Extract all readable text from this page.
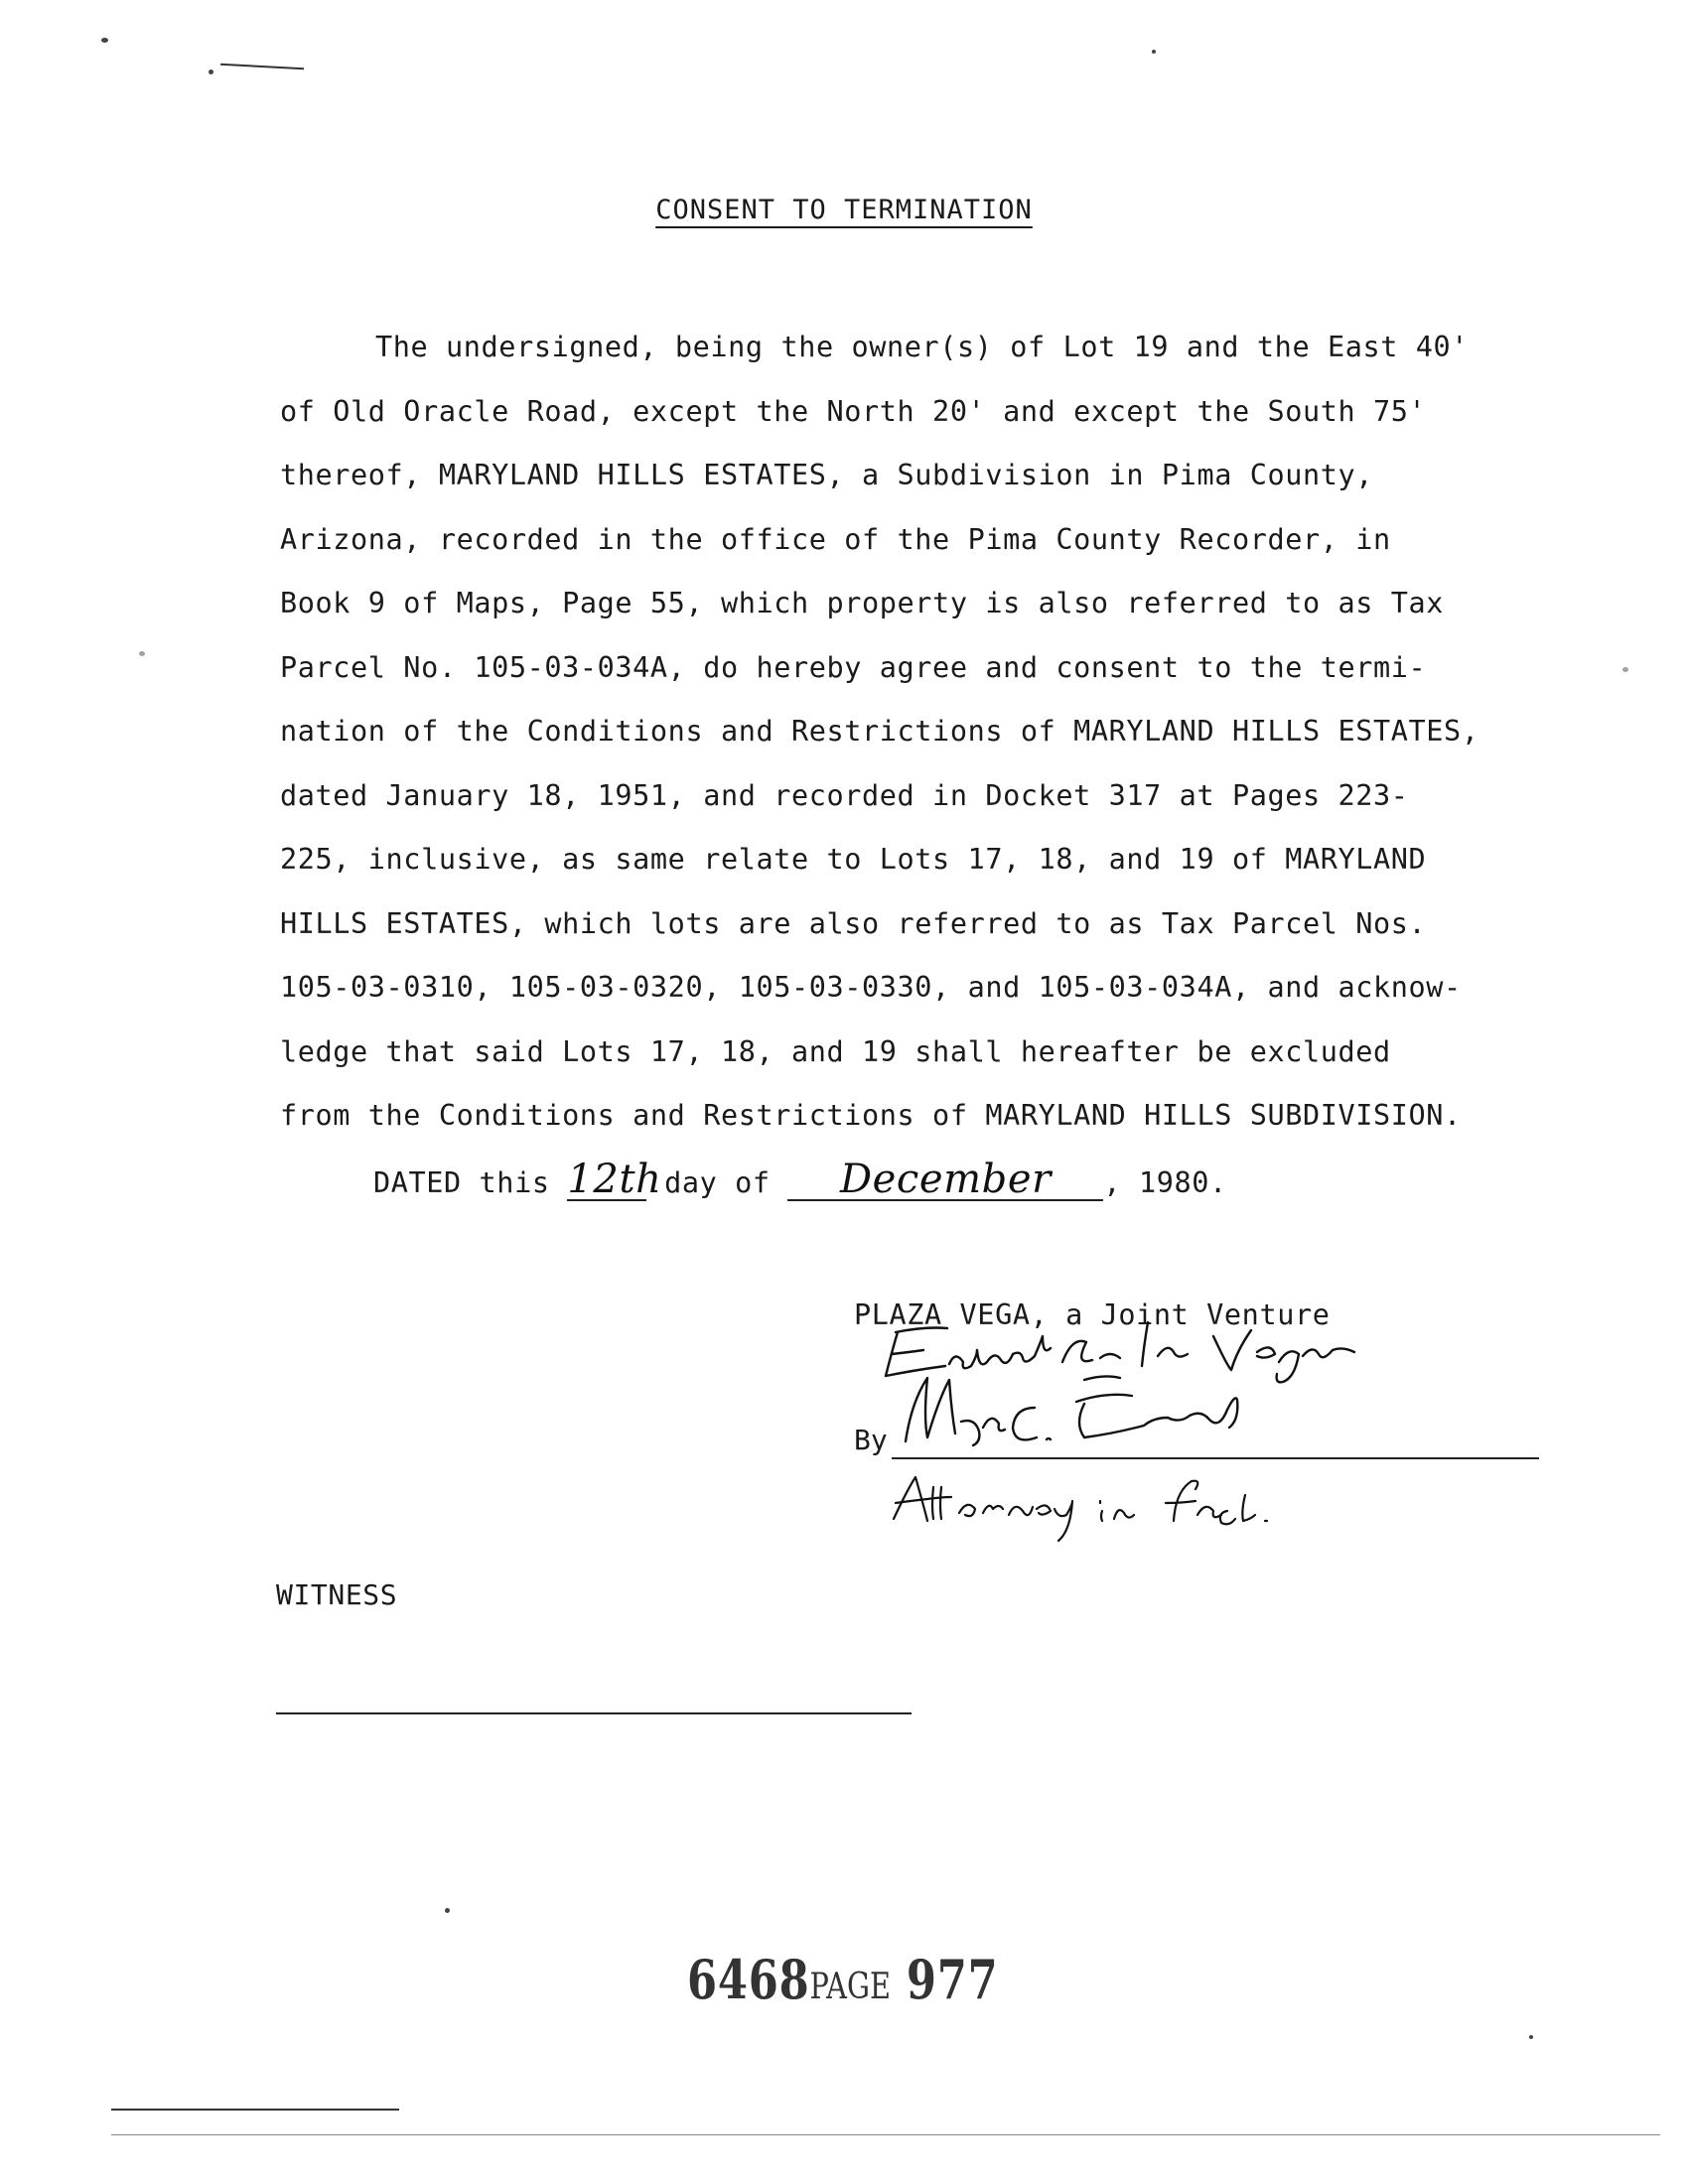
CONSENT TO TERMINATION

The undersigned, being the owner(s) of Lot 19 and the East 40'

of Old Oracle Road, except the North 20' and except the South 75'

thereof, MARYLAND HILLS ESTATES, a Subdivision in Pima County,

Arizona, recorded in the office of the Pima County Recorder, in

Book 9 of Maps, Page 55, which property is also referred to as Tax

Parcel No. 105-03-034A, do hereby agree and consent to the termi-

nation of the Conditions and Restrictions of MARYLAND HILLS ESTATES,

dated January 18, 1951, and recorded in Docket 317 at Pages 223-

225, inclusive, as same relate to Lots 17, 18, and 19 of MARYLAND

HILLS ESTATES, which lots are also referred to as Tax Parcel Nos.

105-03-0310, 105-03-0320, 105-03-0330, and 105-03-034A, and acknow-

ledge that said Lots 17, 18, and 19 shall hereafter be excluded

from the Conditions and Restrictions of MARYLAND HILLS SUBDIVISION.

DATED this 12th day of December , 1980.
PLAZA VEGA, a Joint Venture
By
WITNESS
6468PAGE 977
